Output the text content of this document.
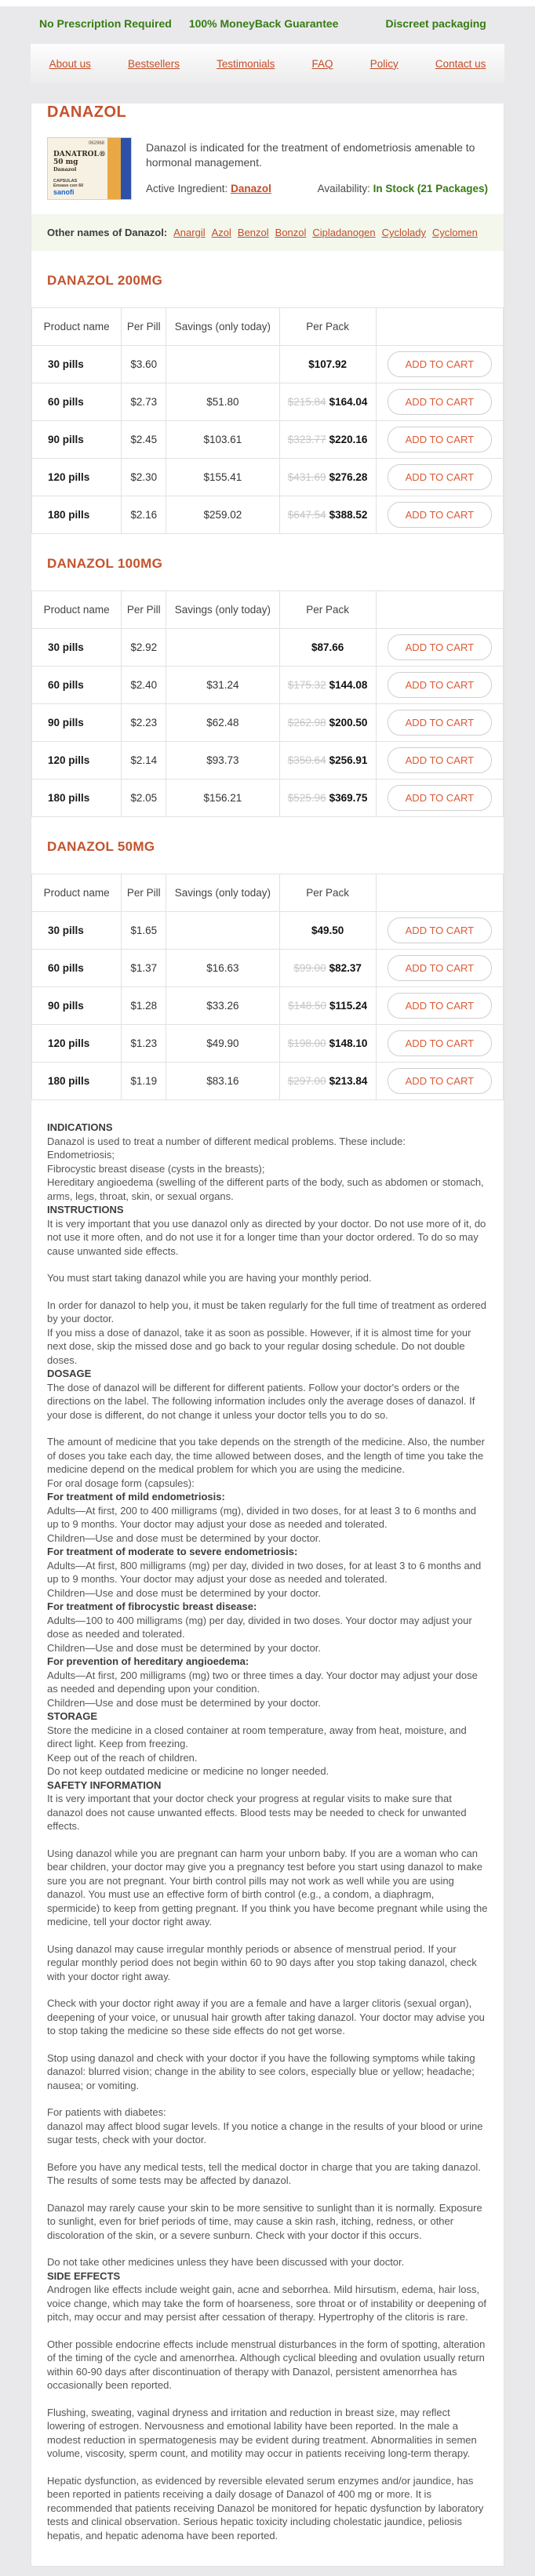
No Prescription Required 100% MoneyBack Guarantee	Discreet packaging
About us	Bestsellers	Testimonials	FAQ	Policy	Contact us
DANAZOL
062968
DANATROL® 50 mg
Danazol
CAPSULAS
Envase con 60
sanofi

Danazol is indicated for the treatment of endometriosis amenable to hormonal management.

Active Ingredient: Danazol	Availability: In Stock (21 Packages)
Other names of Danazol: Anargil Azol Benzol Bonzol Cipladanogen Cyclolady Cyclomen
DANAZOL 200MG
Product name	Per Pill	Savings (only today)	Per Pack	
30 pills	$3.60		$107.92	ADD TO CART
60 pills	$2.73	$51.80	$215.84 $164.04	ADD TO CART
90 pills	$2.45	$103.61	$323.77 $220.16	ADD TO CART
120 pills	$2.30	$155.41	$431.69 $276.28	ADD TO CART
180 pills	$2.16	$259.02	$647.54 $388.52	ADD TO CART
DANAZOL 100MG
Product name	Per Pill	Savings (only today)	Per Pack	
30 pills	$2.92		$87.66	ADD TO CART
60 pills	$2.40	$31.24	$175.32 $144.08	ADD TO CART
90 pills	$2.23	$62.48	$262.98 $200.50	ADD TO CART
120 pills	$2.14	$93.73	$350.64 $256.91	ADD TO CART
180 pills	$2.05	$156.21	$525.96 $369.75	ADD TO CART
DANAZOL 50MG
Product name	Per Pill	Savings (only today)	Per Pack	
30 pills	$1.65		$49.50	ADD TO CART
60 pills	$1.37	$16.63	$99.00 $82.37	ADD TO CART
90 pills	$1.28	$33.26	$148.50 $115.24	ADD TO CART
120 pills	$1.23	$49.90	$198.00 $148.10	ADD TO CART
180 pills	$1.19	$83.16	$297.00 $213.84	ADD TO CART
INDICATIONS
Danazol is used to treat a number of different medical problems. These include:
Endometriosis;
Fibrocystic breast disease (cysts in the breasts);
Hereditary angioedema (swelling of the different parts of the body, such as abdomen or stomach, arms, legs, throat, skin, or sexual organs.
INSTRUCTIONS
It is very important that you use danazol only as directed by your doctor. Do not use more of it, do not use it more often, and do not use it for a longer time than your doctor ordered. To do so may cause unwanted side effects.
You must start taking danazol while you are having your monthly period.
In order for danazol to help you, it must be taken regularly for the full time of treatment as ordered by your doctor.
If you miss a dose of danazol, take it as soon as possible. However, if it is almost time for your next dose, skip the missed dose and go back to your regular dosing schedule. Do not double doses.
DOSAGE
The dose of danazol will be different for different patients. Follow your doctor's orders or the directions on the label. The following information includes only the average doses of danazol. If your dose is different, do not change it unless your doctor tells you to do so.
The amount of medicine that you take depends on the strength of the medicine. Also, the number of doses you take each day, the time allowed between doses, and the length of time you take the medicine depend on the medical problem for which you are using the medicine.
For oral dosage form (capsules):
For treatment of mild endometriosis:
Adults—At first, 200 to 400 milligrams (mg), divided in two doses, for at least 3 to 6 months and up to 9 months. Your doctor may adjust your dose as needed and tolerated.
Children—Use and dose must be determined by your doctor.
For treatment of moderate to severe endometriosis:
Adults—At first, 800 milligrams (mg) per day, divided in two doses, for at least 3 to 6 months and up to 9 months. Your doctor may adjust your dose as needed and tolerated.
Children—Use and dose must be determined by your doctor.
For treatment of fibrocystic breast disease:
Adults—100 to 400 milligrams (mg) per day, divided in two doses. Your doctor may adjust your dose as needed and tolerated.
Children—Use and dose must be determined by your doctor.
For prevention of hereditary angioedema:
Adults—At first, 200 milligrams (mg) two or three times a day. Your doctor may adjust your dose as needed and depending upon your condition.
Children—Use and dose must be determined by your doctor.
STORAGE
Store the medicine in a closed container at room temperature, away from heat, moisture, and direct light. Keep from freezing.
Keep out of the reach of children.
Do not keep outdated medicine or medicine no longer needed.
SAFETY INFORMATION
It is very important that your doctor check your progress at regular visits to make sure that danazol does not cause unwanted effects. Blood tests may be needed to check for unwanted effects.
Using danazol while you are pregnant can harm your unborn baby. If you are a woman who can bear children, your doctor may give you a pregnancy test before you start using danazol to make sure you are not pregnant. Your birth control pills may not work as well while you are using danazol. You must use an effective form of birth control (e.g., a condom, a diaphragm, spermicide) to keep from getting pregnant. If you think you have become pregnant while using the medicine, tell your doctor right away.
Using danazol may cause irregular monthly periods or absence of menstrual period. If your regular monthly period does not begin within 60 to 90 days after you stop taking danazol, check with your doctor right away.
Check with your doctor right away if you are a female and have a larger clitoris (sexual organ), deepening of your voice, or unusual hair growth after taking danazol. Your doctor may advise you to stop taking the medicine so these side effects do not get worse.
Stop using danazol and check with your doctor if you have the following symptoms while taking danazol: blurred vision; change in the ability to see colors, especially blue or yellow; headache; nausea; or vomiting.
For patients with diabetes:
danazol may affect blood sugar levels. If you notice a change in the results of your blood or urine sugar tests, check with your doctor.
Before you have any medical tests, tell the medical doctor in charge that you are taking danazol. The results of some tests may be affected by danazol.
Danazol may rarely cause your skin to be more sensitive to sunlight than it is normally. Exposure to sunlight, even for brief periods of time, may cause a skin rash, itching, redness, or other discoloration of the skin, or a severe sunburn. Check with your doctor if this occurs.
Do not take other medicines unless they have been discussed with your doctor.
SIDE EFFECTS
Androgen like effects include weight gain, acne and seborrhea. Mild hirsutism, edema, hair loss, voice change, which may take the form of hoarseness, sore throat or of instability or deepening of pitch, may occur and may persist after cessation of therapy. Hypertrophy of the clitoris is rare.
Other possible endocrine effects include menstrual disturbances in the form of spotting, alteration of the timing of the cycle and amenorrhea. Although cyclical bleeding and ovulation usually return within 60-90 days after discontinuation of therapy with Danazol, persistent amenorrhea has occasionally been reported.
Flushing, sweating, vaginal dryness and irritation and reduction in breast size, may reflect lowering of estrogen. Nervousness and emotional lability have been reported. In the male a modest reduction in spermatogenesis may be evident during treatment. Abnormalities in semen volume, viscosity, sperm count, and motility may occur in patients receiving long-term therapy.
Hepatic dysfunction, as evidenced by reversible elevated serum enzymes and/or jaundice, has been reported in patients receiving a daily dosage of Danazol of 400 mg or more. It is recommended that patients receiving Danazol be monitored for hepatic dysfunction by laboratory tests and clinical observation. Serious hepatic toxicity including cholestatic jaundice, peliosis hepatis, and hepatic adenoma have been reported.
